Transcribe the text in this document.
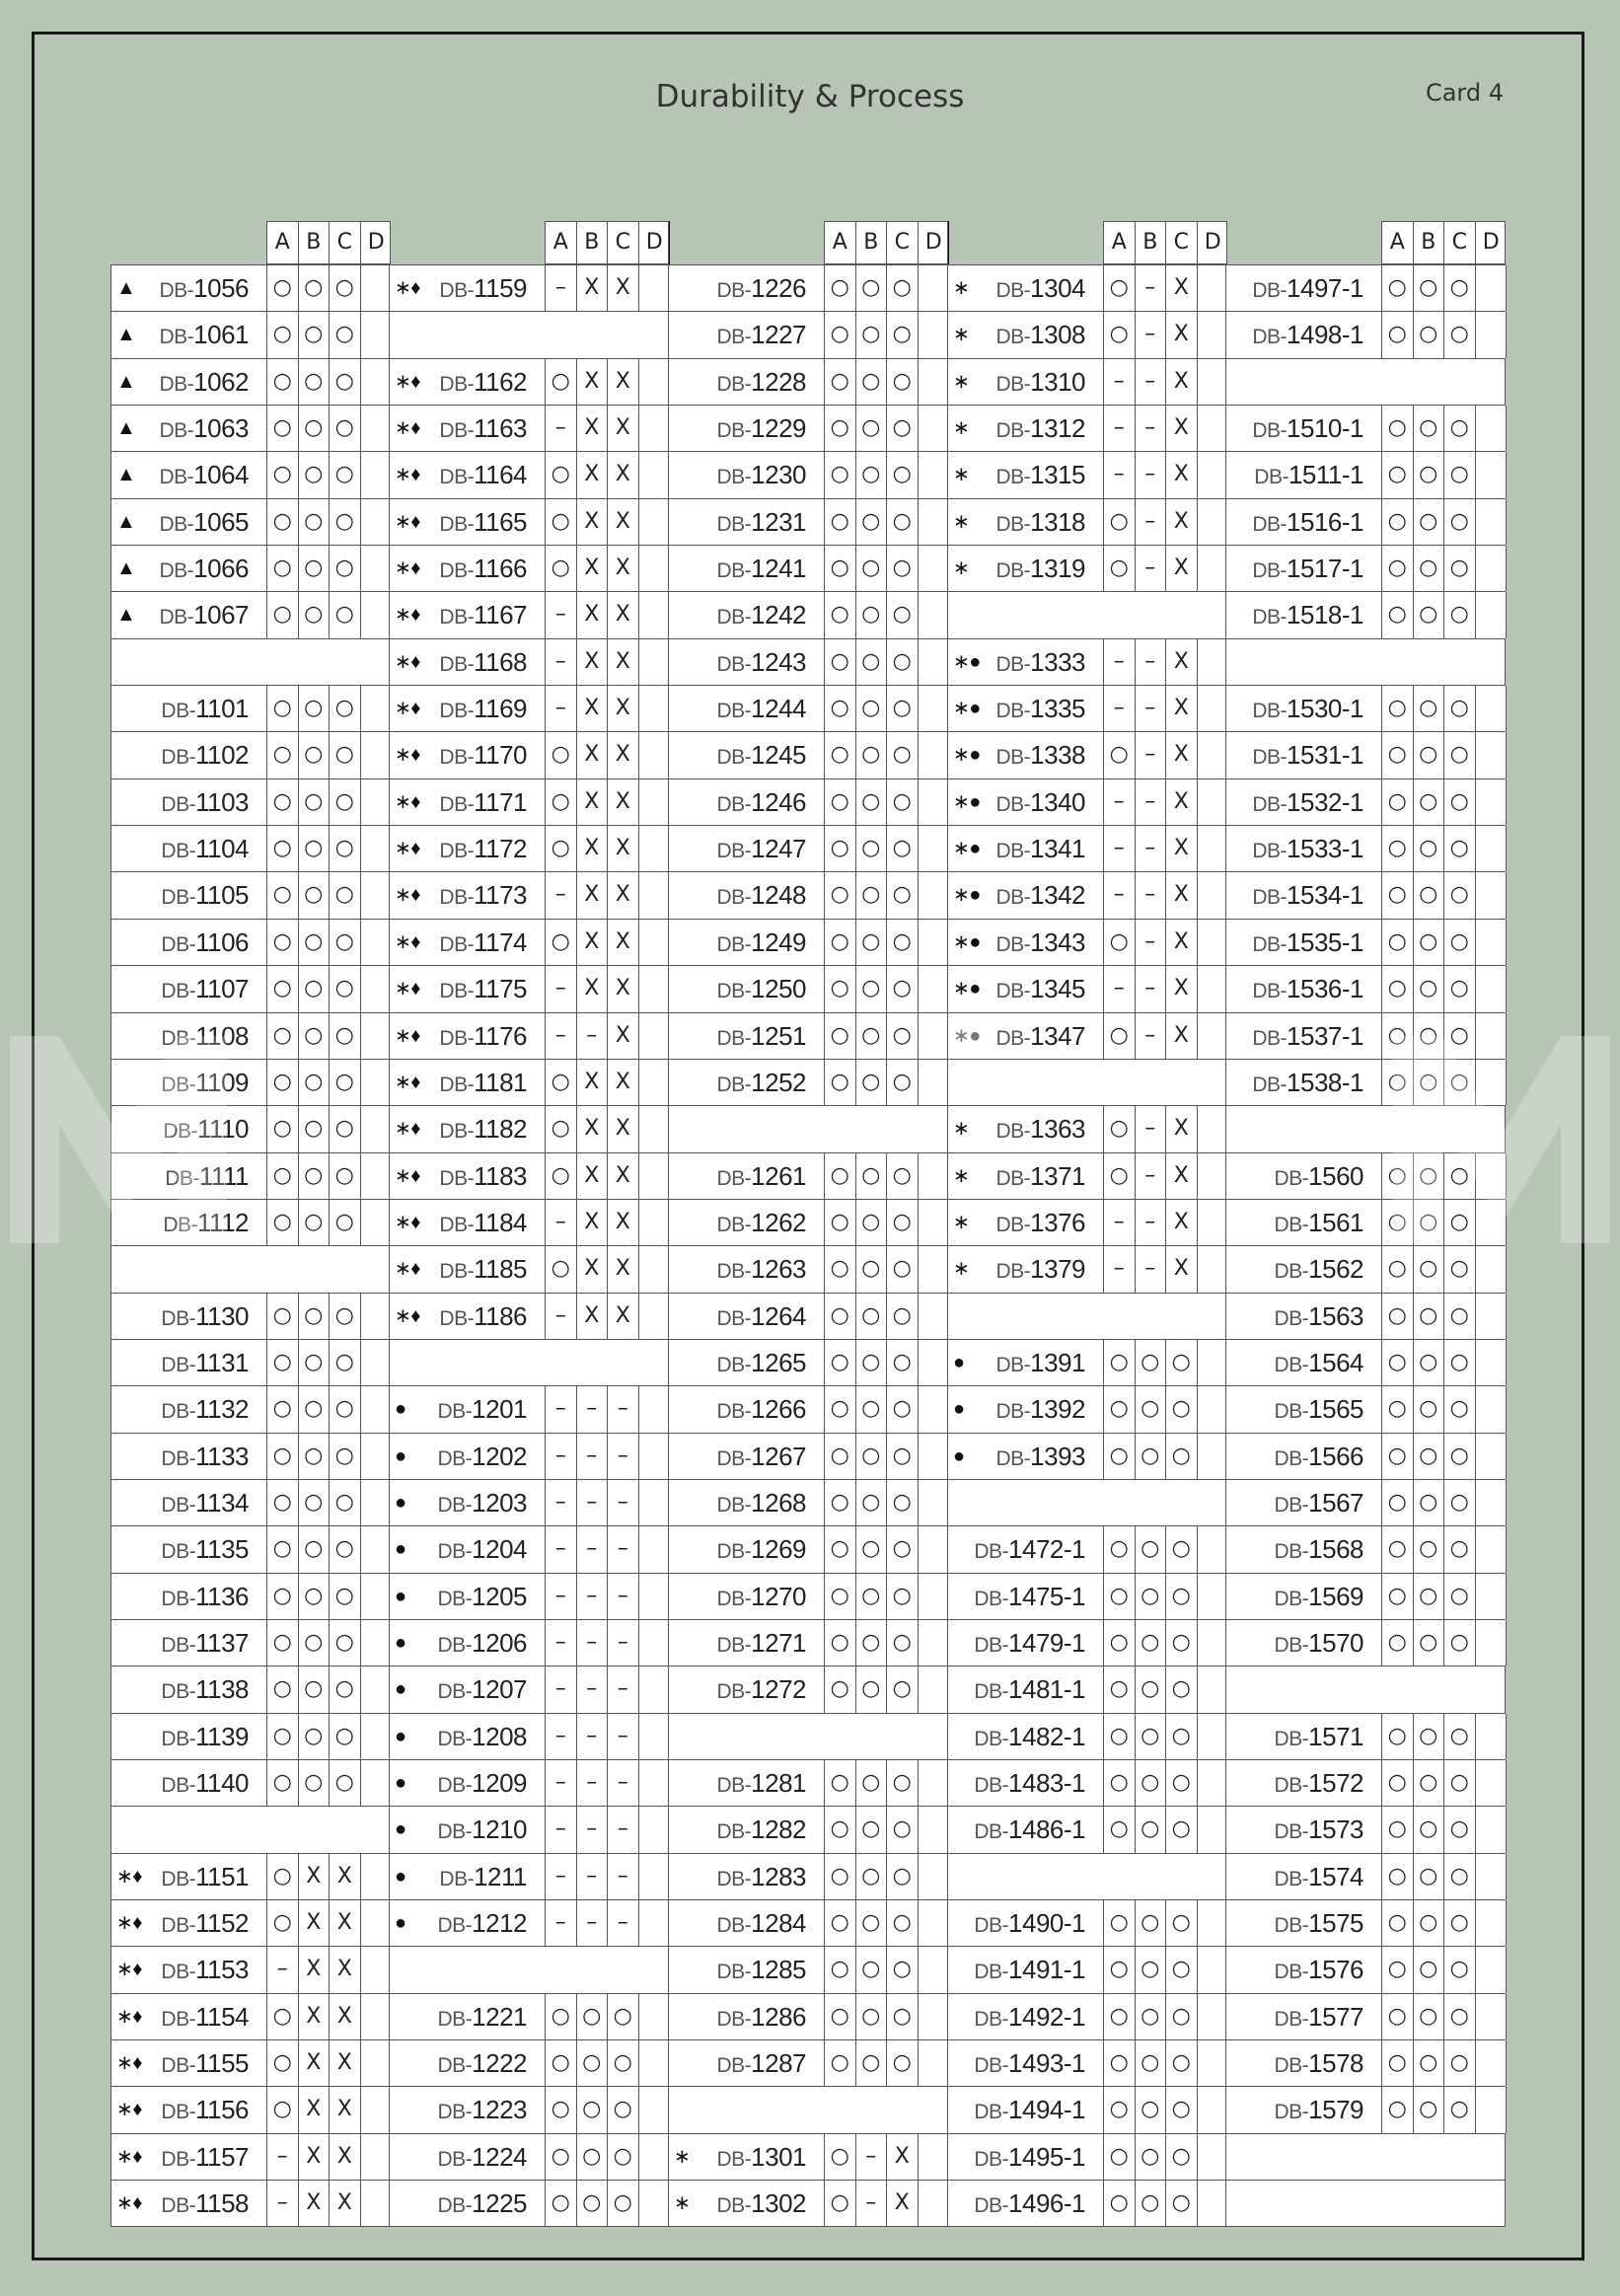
Durability & Process	Card 4
A B C D
▲ DB-1056 ○ ○ ○
▲ DB-1061 ○ ○ ○
▲ DB-1062 ○ ○ ○
▲ DB-1063 ○ ○ ○
▲ DB-1064 ○ ○ ○
▲ DB-1065 ○ ○ ○
▲ DB-1066 ○ ○ ○
▲ DB-1067 ○ ○ ○
DB-1101 ○ ○ ○
DB-1102 ○ ○ ○
DB-1103 ○ ○ ○
DB-1104 ○ ○ ○
DB-1105 ○ ○ ○
DB-1106 ○ ○ ○
DB-1107 ○ ○ ○
DB-1108 ○ ○ ○
DB-1109 ○ ○ ○
DB-1110 ○ ○ ○
DB-1111 ○ ○ ○
DB-1112 ○ ○ ○
DB-1130 ○ ○ ○
DB-1131 ○ ○ ○
DB-1132 ○ ○ ○
DB-1133 ○ ○ ○
DB-1134 ○ ○ ○
DB-1135 ○ ○ ○
DB-1136 ○ ○ ○
DB-1137 ○ ○ ○
DB-1138 ○ ○ ○
DB-1139 ○ ○ ○
DB-1140 ○ ○ ○
∗♦ DB-1151 ○ X X
∗♦ DB-1152 ○ X X
∗♦ DB-1153	– X X
∗♦ DB-1154 ○ X X
∗♦ DB-1155 ○ X X
∗♦ DB-1156 ○ X X
∗♦ DB-1157	– X X
∗♦ DB-1158	– X X
A B C D
∗♦ DB-1159	– X X
∗♦ DB-1162 ○ X X
∗♦ DB-1163	– X X
∗♦ DB-1164 ○ X X
∗♦ DB-1165 ○ X X
∗♦ DB-1166 ○ X X
∗♦ DB-1167	– X X
∗♦ DB-1168	– X X
∗♦ DB-1169	– X X
∗♦ DB-1170 ○ X X
∗♦ DB-1171 ○ X X
∗♦ DB-1172 ○ X X
∗♦ DB-1173	– X X
∗♦ DB-1174 ○ X X
∗♦ DB-1175	– X X
∗♦ DB-1176	– – X
∗♦ DB-1181 ○ X X
∗♦ DB-1182 ○ X X
∗♦ DB-1183 ○ X X
∗♦ DB-1184	– X X
∗♦ DB-1185 ○ X X
∗♦ DB-1186	– X X
● DB-1201	– – –
● DB-1202	– – –
● DB-1203	– – –
● DB-1204	– – –
● DB-1205	– – –
● DB-1206	– – –
● DB-1207	– – –
● DB-1208	– – –
● DB-1209	– – –
● DB-1210	– – –
● DB-1211	– – –
● DB-1212	– – –
DB-1221 ○ ○ ○
DB-1222 ○ ○ ○
DB-1223 ○ ○ ○
DB-1224 ○ ○ ○
DB-1225 ○ ○ ○
A B C D
DB-1226 ○ ○ ○
DB-1227 ○ ○ ○
DB-1228 ○ ○ ○
DB-1229 ○ ○ ○
DB-1230 ○ ○ ○
DB-1231 ○ ○ ○
DB-1241 ○ ○ ○
DB-1242 ○ ○ ○
DB-1243 ○ ○ ○
DB-1244 ○ ○ ○
DB-1245 ○ ○ ○
DB-1246 ○ ○ ○
DB-1247 ○ ○ ○
DB-1248 ○ ○ ○
DB-1249 ○ ○ ○
DB-1250 ○ ○ ○
DB-1251 ○ ○ ○
DB-1252 ○ ○ ○
DB-1261 ○ ○ ○
DB-1262 ○ ○ ○
DB-1263 ○ ○ ○
DB-1264 ○ ○ ○
DB-1265 ○ ○ ○
DB-1266 ○ ○ ○
DB-1267 ○ ○ ○
DB-1268 ○ ○ ○
DB-1269 ○ ○ ○
DB-1270 ○ ○ ○
DB-1271 ○ ○ ○
DB-1272 ○ ○ ○
DB-1281 ○ ○ ○
DB-1282 ○ ○ ○
DB-1283 ○ ○ ○
DB-1284 ○ ○ ○
DB-1285 ○ ○ ○
DB-1286 ○ ○ ○
DB-1287 ○ ○ ○
∗ DB-1301 ○ – X
∗ DB-1302 ○ – X
A B C D
∗ DB-1304 ○ – X
∗ DB-1308 ○ – X
∗ DB-1310	– – X
∗ DB-1312	– – X
∗ DB-1315	– – X
∗ DB-1318 ○ – X
∗ DB-1319 ○ – X
∗● DB-1333	– – X
∗● DB-1335	– – X
∗● DB-1338 ○ – X
∗● DB-1340	– – X
∗● DB-1341	– – X
∗● DB-1342	– – X
∗● DB-1343 ○ – X
∗● DB-1345	– – X
∗● DB-1347 ○ – X
∗ DB-1363 ○ – X
∗ DB-1371 ○ – X
∗ DB-1376	– – X
∗ DB-1379	– – X
● DB-1391 ○ ○ ○
● DB-1392 ○ ○ ○
● DB-1393 ○ ○ ○
DB-1472-1 ○ ○ ○
DB-1475-1 ○ ○ ○
DB-1479-1 ○ ○ ○
DB-1481-1 ○ ○ ○
DB-1482-1 ○ ○ ○
DB-1483-1 ○ ○ ○
DB-1486-1 ○ ○ ○
DB-1490-1 ○ ○ ○
DB-1491-1 ○ ○ ○
DB-1492-1 ○ ○ ○
DB-1493-1 ○ ○ ○
DB-1494-1 ○ ○ ○
DB-1495-1 ○ ○ ○
DB-1496-1 ○ ○ ○
A B C D
DB-1497-1 ○ ○ ○
DB-1498-1 ○ ○ ○
DB-1510-1 ○ ○ ○
DB-1511-1 ○ ○ ○
DB-1516-1 ○ ○ ○
DB-1517-1 ○ ○ ○
DB-1518-1 ○ ○ ○
DB-1530-1 ○ ○ ○
DB-1531-1 ○ ○ ○
DB-1532-1 ○ ○ ○
DB-1533-1 ○ ○ ○
DB-1534-1 ○ ○ ○
DB-1535-1 ○ ○ ○
DB-1536-1 ○ ○ ○
DB-1537-1 ○ ○ ○
DB-1538-1 ○ ○ ○
DB-1560 ○ ○ ○
DB-1561 ○ ○ ○
DB-1562 ○ ○ ○
DB-1563 ○ ○ ○
DB-1564 ○ ○ ○
DB-1565 ○ ○ ○
DB-1566 ○ ○ ○
DB-1567 ○ ○ ○
DB-1568 ○ ○ ○
DB-1569 ○ ○ ○
DB-1570 ○ ○ ○
DB-1571 ○ ○ ○
DB-1572 ○ ○ ○
DB-1573 ○ ○ ○
DB-1574 ○ ○ ○
DB-1575 ○ ○ ○
DB-1576 ○ ○ ○
DB-1577 ○ ○ ○
DB-1578 ○ ○ ○
DB-1579 ○ ○ ○
